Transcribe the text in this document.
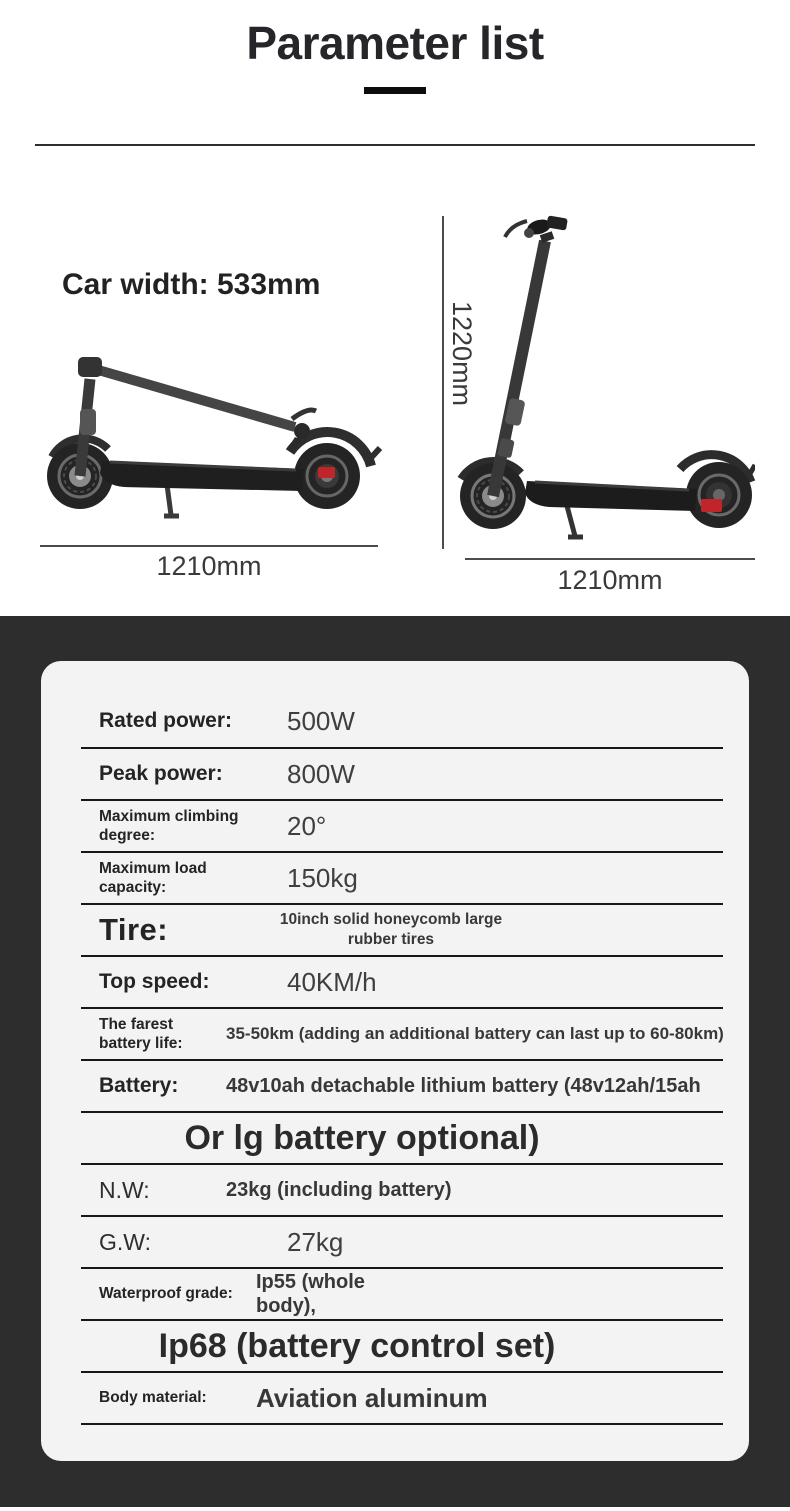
Parameter list
Car width: 533mm
1210mm
1220mm
1210mm
Rated power:	500W
Peak power:	800W
Maximum climbing degree:	20°
Maximum load capacity:	150kg
Tire:	10inch solid honeycomb large rubber tires
Top speed:	40KM/h
The farest battery life:
35-50km (adding an additional battery can last up to 60-80km)
Battery:	48v10ah detachable lithium battery (48v12ah/15ah
Or lg battery optional)
N.W:	23kg (including battery)
G.W:	27kg
Waterproof grade:
Ip55 (whole body),
Ip68 (battery control set)
Body material:	Aviation aluminum
